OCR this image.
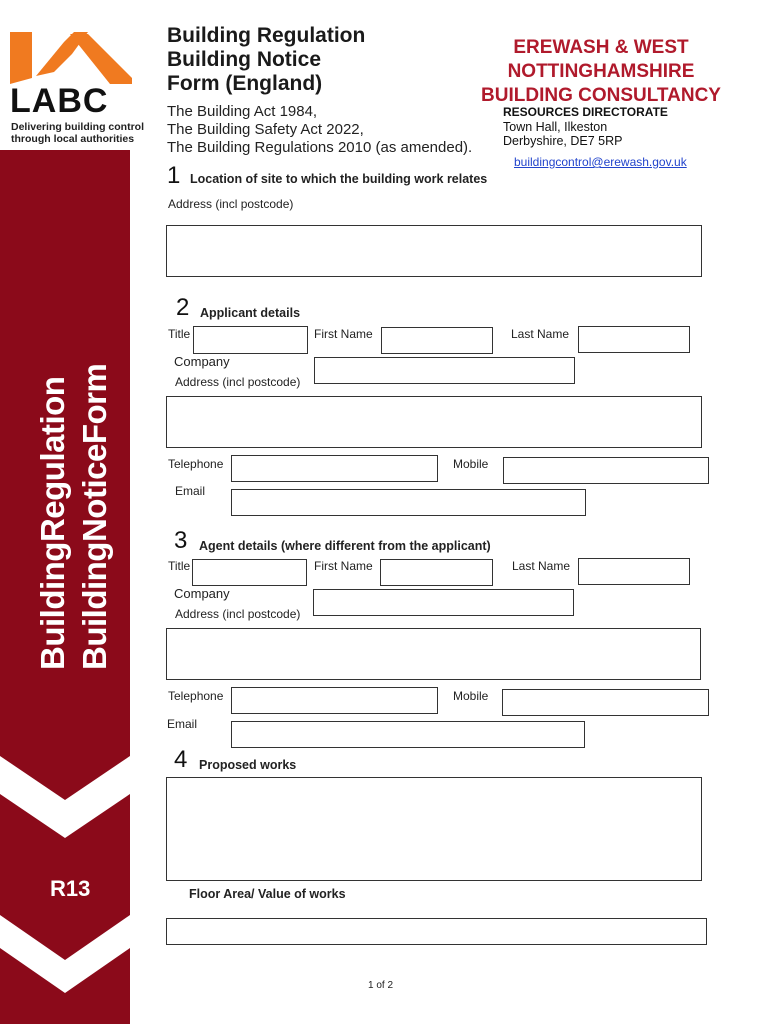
LABC
Delivering building control
through local authorities
BuildingRegulation BuildingNoticeForm
R13
Building Regulation
Building Notice
Form (England)
The Building Act 1984,
The Building Safety Act 2022,
The Building Regulations 2010 (as amended).
EREWASH & WEST
NOTTINGHAMSHIRE
BUILDING CONSULTANCY
RESOURCES DIRECTORATE
Town Hall, Ilkeston
Derbyshire, DE7 5RP
buildingcontrol@erewash.gov.uk
1 Location of site to which the building work relates
Address (incl postcode)
2 Applicant details
Title	First Name	Last Name
Company
Address (incl postcode)
Telephone	Mobile
Email
3 Agent details (where different from the applicant)
Title	First Name	Last Name
Company
Address (incl postcode)
Telephone	Mobile
Email
4 Proposed works
Floor Area/ Value of works
1 of 2
